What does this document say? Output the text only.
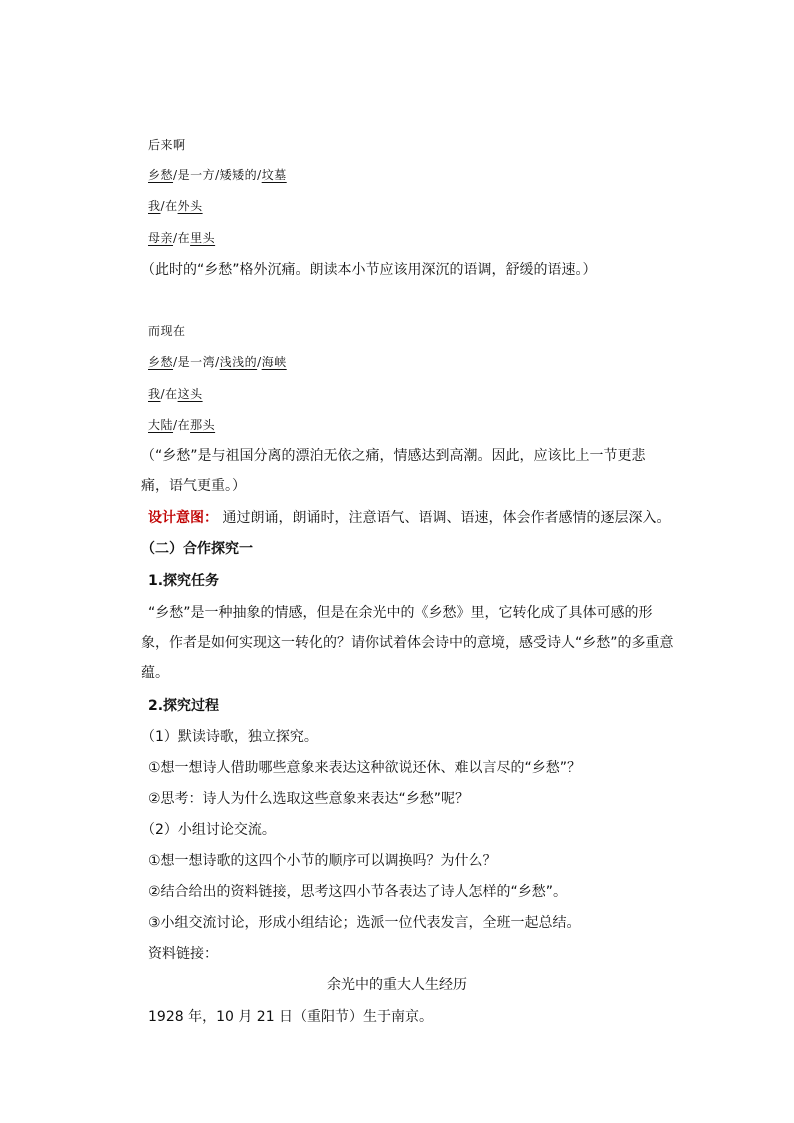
后来啊
乡愁/是一方/矮矮的/坟墓
我/在外头
母亲/在里头
（此时的“乡愁”格外沉痛。朗读本小节应该用深沉的语调，舒缓的语速。）
而现在
乡愁/是一湾/浅浅的/海峡
我/在这头
大陆/在那头
（“乡愁”是与祖国分离的漂泊无依之痛，情感达到高潮。因此，应该比上一节更悲
痛，语气更重。）
设计意图： 通过朗诵，朗诵时，注意语气、语调、语速，体会作者感情的逐层深入。
（二）合作探究一
1.探究任务
“乡愁”是一种抽象的情感，但是在余光中的《乡愁》里，它转化成了具体可感的形
象，作者是如何实现这一转化的？请你试着体会诗中的意境，感受诗人“乡愁”的多重意
蕴。
2.探究过程
（1）默读诗歌，独立探究。
①想一想诗人借助哪些意象来表达这种欲说还休、难以言尽的“乡愁”？
②思考：诗人为什么选取这些意象来表达“乡愁”呢？
（2）小组讨论交流。
①想一想诗歌的这四个小节的顺序可以调换吗？为什么？
②结合给出的资料链接，思考这四小节各表达了诗人怎样的“乡愁”。
③小组交流讨论，形成小组结论；选派一位代表发言，全班一起总结。
资料链接：
余光中的重大人生经历
1928 年，10 月 21 日（重阳节）生于南京。
